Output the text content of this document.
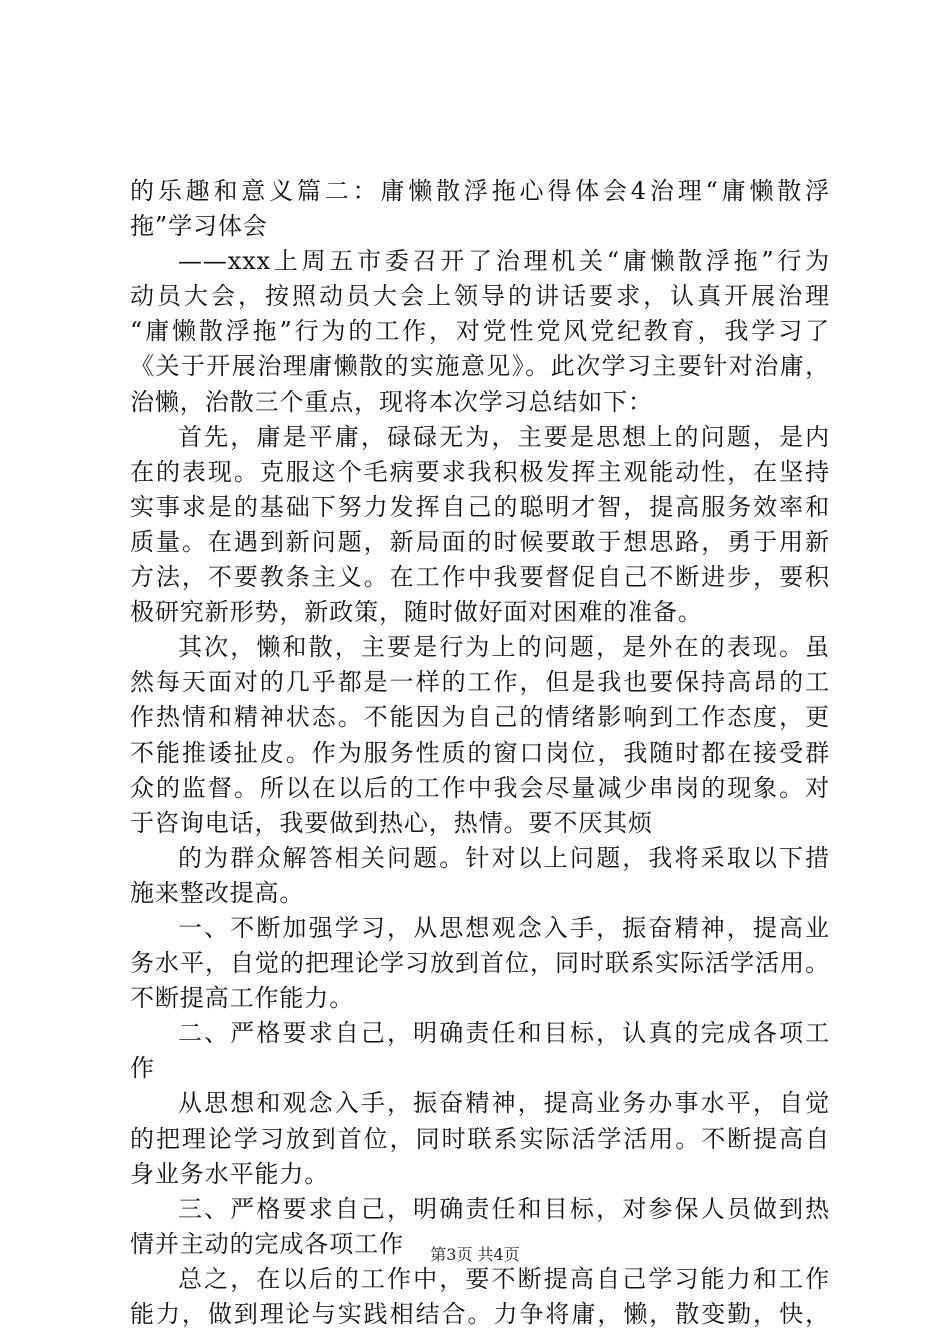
的乐趣和意义篇二：庸懒散浮拖心得体会4治理“庸懒散浮
拖”学习体会
——xxx上周五市委召开了治理机关“庸懒散浮拖”行为
动员大会，按照动员大会上领导的讲话要求，认真开展治理
“庸懒散浮拖”行为的工作，对党性党风党纪教育，我学习了
《关于开展治理庸懒散的实施意见》。此次学习主要针对治庸，
治懒，治散三个重点，现将本次学习总结如下：
首先，庸是平庸，碌碌无为，主要是思想上的问题，是内
在的表现。克服这个毛病要求我积极发挥主观能动性，在坚持
实事求是的基础下努力发挥自己的聪明才智，提高服务效率和
质量。在遇到新问题，新局面的时候要敢于想思路，勇于用新
方法，不要教条主义。在工作中我要督促自己不断进步，要积
极研究新形势，新政策，随时做好面对困难的准备。
其次，懒和散，主要是行为上的问题，是外在的表现。虽
然每天面对的几乎都是一样的工作，但是我也要保持高昂的工
作热情和精神状态。不能因为自己的情绪影响到工作态度，更
不能推诿扯皮。作为服务性质的窗口岗位，我随时都在接受群
众的监督。所以在以后的工作中我会尽量减少串岗的现象。对
于咨询电话，我要做到热心，热情。要不厌其烦
的为群众解答相关问题。针对以上问题，我将采取以下措
施来整改提高。
一、不断加强学习，从思想观念入手，振奋精神，提高业
务水平，自觉的把理论学习放到首位，同时联系实际活学活用。
不断提高工作能力。
二、严格要求自己，明确责任和目标，认真的完成各项工
作
从思想和观念入手，振奋精神，提高业务办事水平，自觉
的把理论学习放到首位，同时联系实际活学活用。不断提高自
身业务水平能力。
三、严格要求自己，明确责任和目标，对参保人员做到热
情并主动的完成各项工作
总之，在以后的工作中，要不断提高自己学习能力和工作
能力，做到理论与实践相结合。力争将庸，懒，散变勤，快，
第3页 共4页
